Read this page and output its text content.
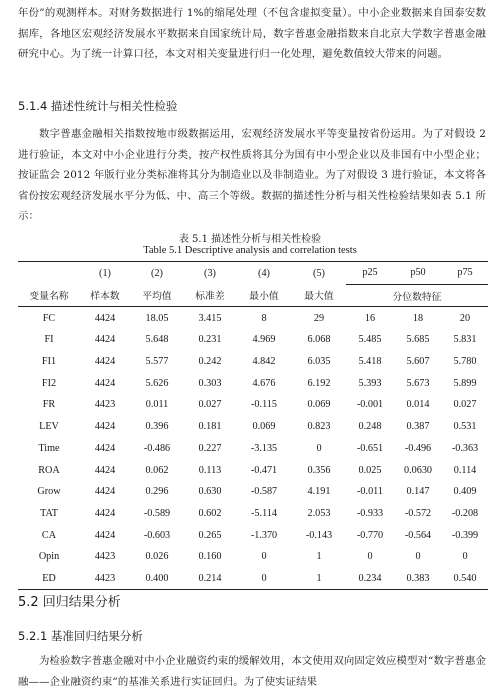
年份”的观测样本。对财务数据进行 1%的缩尾处理（不包含虚拟变量）。中小企业数据来自国泰安数据库，各地区宏观经济发展水平数据来自国家统计局，数字普惠金融指数来自北京大学数字普惠金融研究中心。为了统一计算口径，本文对相关变量进行归一化处理，避免数值较大带来的问题。

5.1.4 描述性统计与相关性检验

数字普惠金融相关指数按地市级数据运用，宏观经济发展水平等变量按省份运用。为了对假设 2 进行验证，本文对中小企业进行分类，按产权性质将其分为国有中小型企业以及非国有中小型企业；按证监会 2012 年版行业分类标准将其分为制造业以及非制造业。为了对假设 3 进行验证，本文将各省份按宏观经济发展水平分为低、中、高三个等级。数据的描述性分析与相关性检验结果如表 5.1 所示：

表 5.1 描述性分析与相关性检验

Table 5.1 Descriptive analysis and correlation tests

	(1)	(2)	(3)	(4)	(5)	p25	p50	p75
变量名称	样本数	平均值	标准差	最小值	最大值	分位数特征		
FC	4424	18.05	3.415	8	29	16	18	20
FI	4424	5.648	0.231	4.969	6.068	5.485	5.685	5.831
FI1	4424	5.577	0.242	4.842	6.035	5.418	5.607	5.780
FI2	4424	5.626	0.303	4.676	6.192	5.393	5.673	5.899
FR	4423	0.011	0.027	-0.115	0.069	-0.001	0.014	0.027
LEV	4424	0.396	0.181	0.069	0.823	0.248	0.387	0.531
Time	4424	-0.486	0.227	-3.135	0	-0.651	-0.496	-0.363
ROA	4424	0.062	0.113	-0.471	0.356	0.025	0.0630	0.114
Grow	4424	0.296	0.630	-0.587	4.191	-0.011	0.147	0.409
TAT	4424	-0.589	0.602	-5.114	2.053	-0.933	-0.572	-0.208
CA	4424	-0.603	0.265	-1.370	-0.143	-0.770	-0.564	-0.399
Opin	4423	0.026	0.160	0	1	0	0	0
ED	4423	0.400	0.214	0	1	0.234	0.383	0.540

5.2 回归结果分析

5.2.1 基准回归结果分析

为检验数字普惠金融对中小企业融资约束的缓解效用，本文使用双向固定效应模型对“数字普惠金融——企业融资约束”的基准关系进行实证回归。为了使实证结果
